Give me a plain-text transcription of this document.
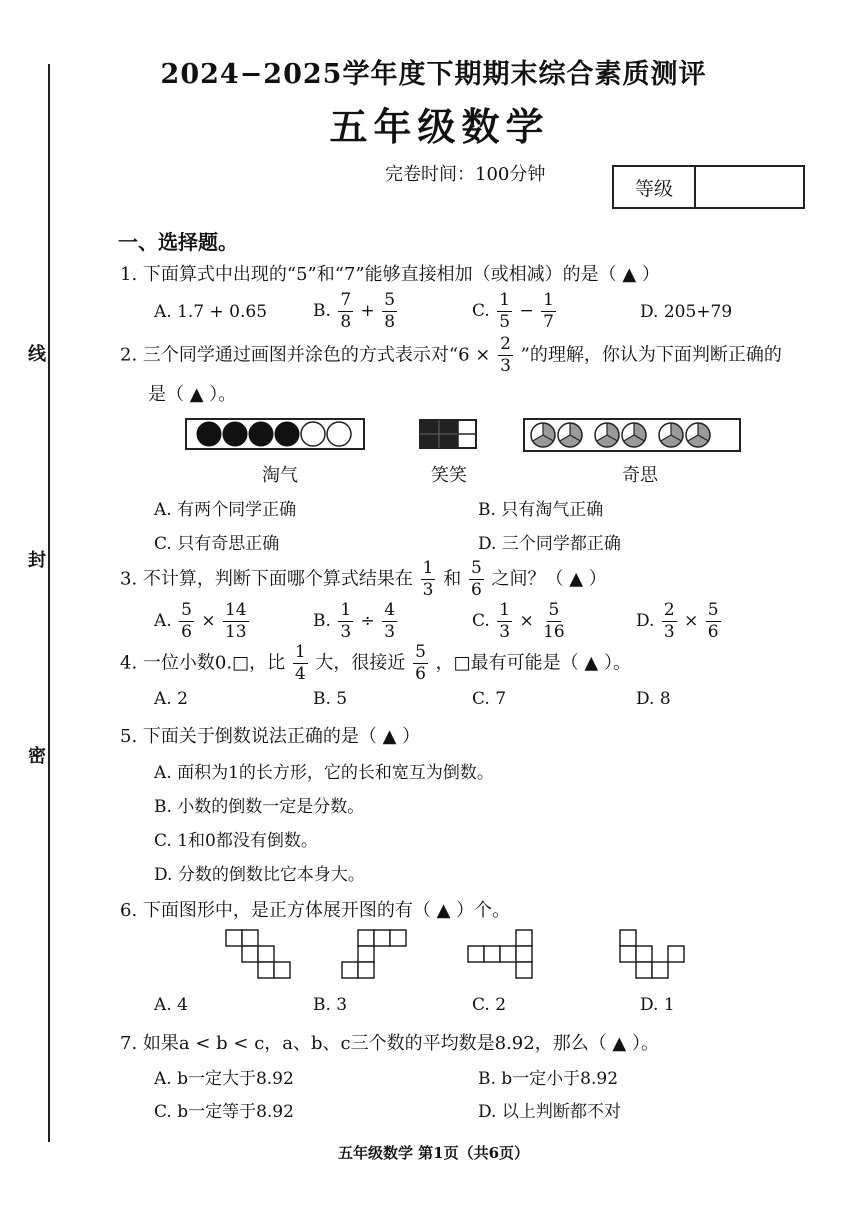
线
封
密
2024−2025学年度下期期末综合素质测评
五年级数学
完卷时间：100分钟
等级
一、选择题。
1. 下面算式中出现的“5”和“7”能够直接相加（或相减）的是（ ▲ ）
A. 1.7 + 0.65	B. $\frac{7}{8} + \frac{5}{8}$	C. $\frac{1}{5} - \frac{1}{7}$	D. 205+79
2. 三个同学通过画图并涂色的方式表示对“$6 \times \frac{2}{3}$ ”的理解，你认为下面判断正确的
是（ ▲ ）。
淘气	笑笑	奇思
A. 有两个同学正确	B. 只有淘气正确
C. 只有奇思正确	D. 三个同学都正确
3. 不计算，判断下面哪个算式结果在 $\frac{1}{3}$ 和 $\frac{5}{6}$ 之间？（ ▲ ）
A. $\frac{5}{6} \times \frac{14}{13}$	B. $\frac{1}{3} \div \frac{4}{3}$	C. $\frac{1}{3} \times \frac{5}{16}$	D. $\frac{2}{3} \times \frac{5}{6}$
4. 一位小数0.□，比 $\frac{1}{4}$ 大，很接近 $\frac{5}{6}$ ，□最有可能是（ ▲ ）。
A. 2	B. 5	C. 7	D. 8
5. 下面关于倒数说法正确的是（ ▲ ）
A. 面积为1的长方形，它的长和宽互为倒数。
B. 小数的倒数一定是分数。
C. 1和0都没有倒数。
D. 分数的倒数比它本身大。
6. 下面图形中，是正方体展开图的有（ ▲ ）个。
A. 4	B. 3	C. 2	D. 1
7. 如果a < b < c，a、b、c三个数的平均数是8.92，那么（ ▲ ）。
A. b一定大于8.92	B. b一定小于8.92
C. b一定等于8.92	D. 以上判断都不对
五年级数学 第1页（共6页）
